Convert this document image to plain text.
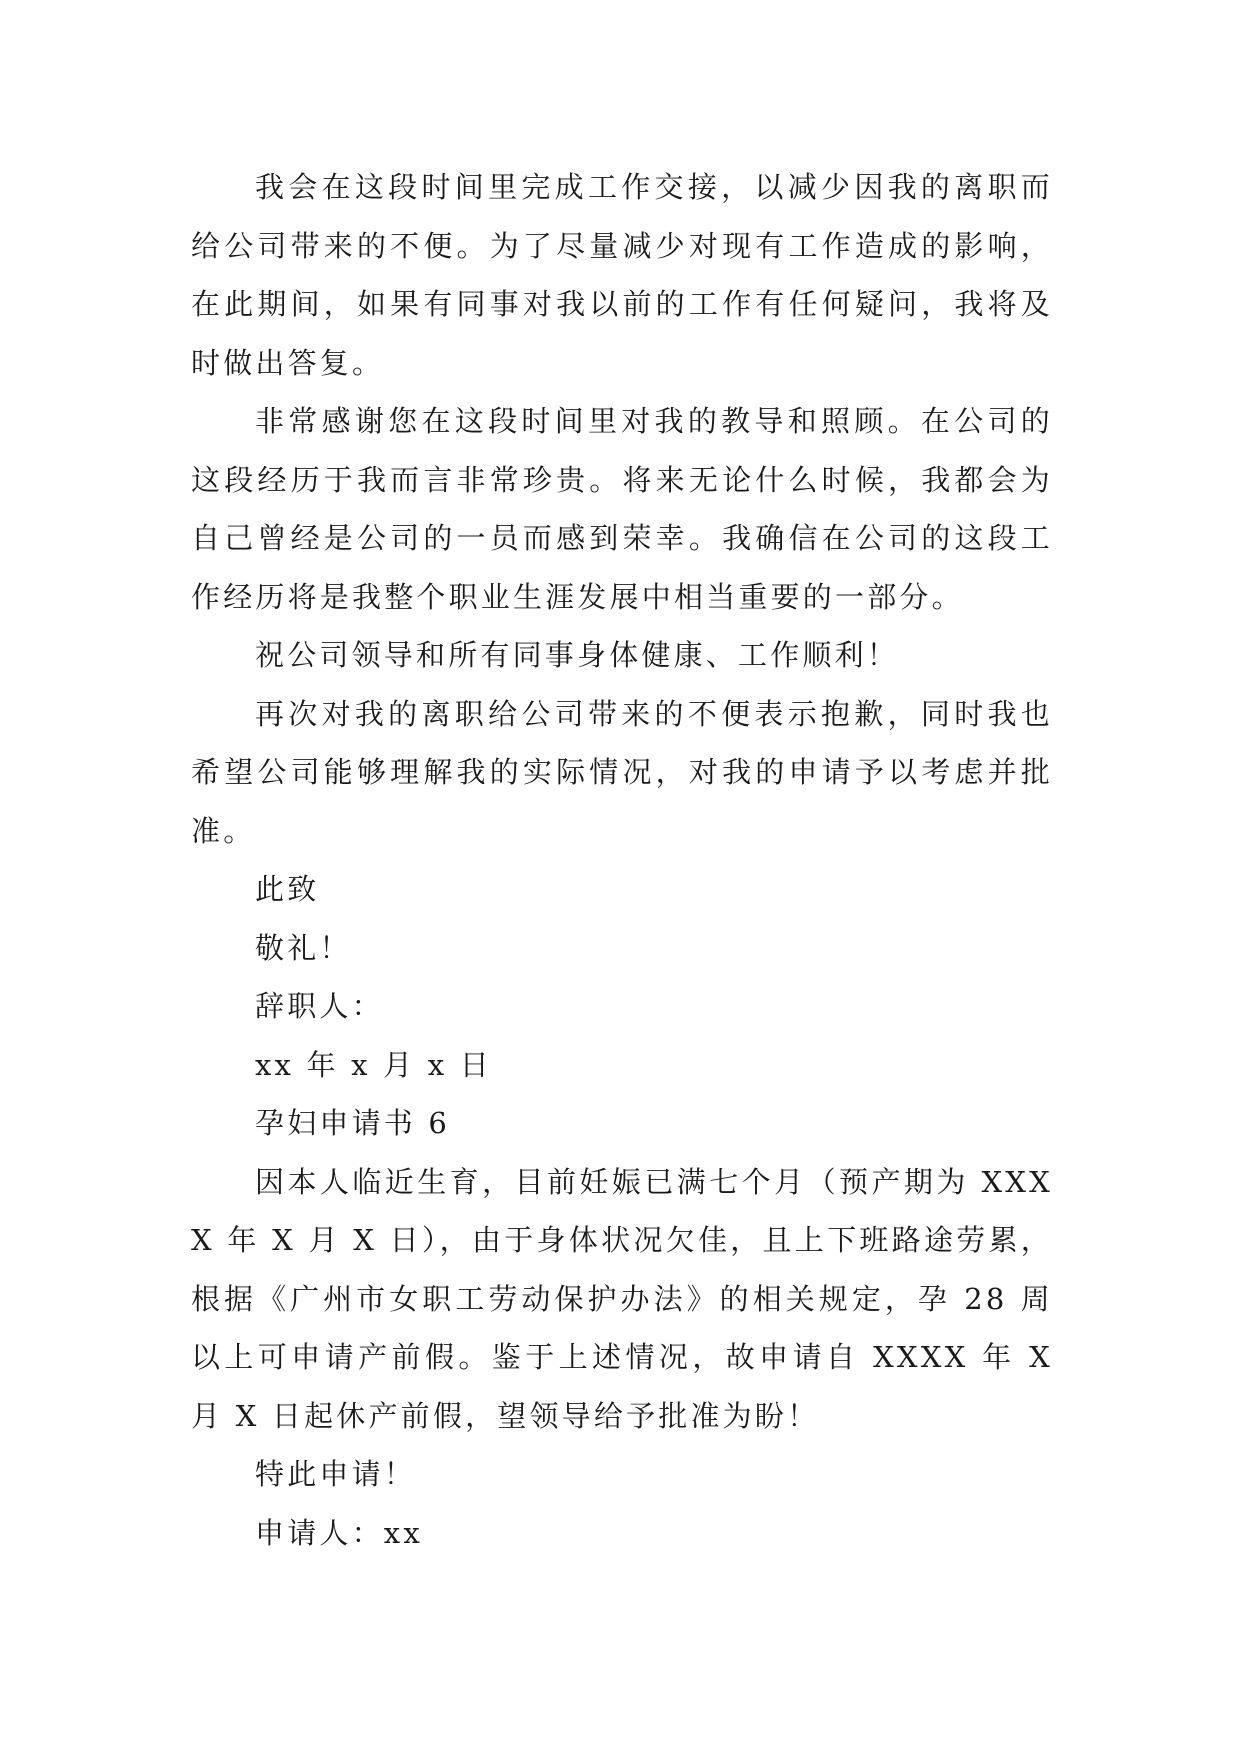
我会在这段时间里完成工作交接，以减少因我的离职而给公司带来的不便。为了尽量减少对现有工作造成的影响，在此期间，如果有同事对我以前的工作有任何疑问，我将及时做出答复。

非常感谢您在这段时间里对我的教导和照顾。在公司的这段经历于我而言非常珍贵。将来无论什么时候，我都会为自己曾经是公司的一员而感到荣幸。我确信在公司的这段工作经历将是我整个职业生涯发展中相当重要的一部分。

祝公司领导和所有同事身体健康、工作顺利！

再次对我的离职给公司带来的不便表示抱歉，同时我也希望公司能够理解我的实际情况，对我的申请予以考虑并批准。

此致

敬礼！

辞职人：

xx 年 x 月 x 日

孕妇申请书 6

因本人临近生育，目前妊娠已满七个月（预产期为 XXXX 年 X 月 X 日），由于身体状况欠佳，且上下班路途劳累，根据《广州市女职工劳动保护办法》的相关规定，孕 28 周以上可申请产前假。鉴于上述情况，故申请自 XXXX 年 X 月 X 日起休产前假，望领导给予批准为盼！

特此申请！

申请人：xx
